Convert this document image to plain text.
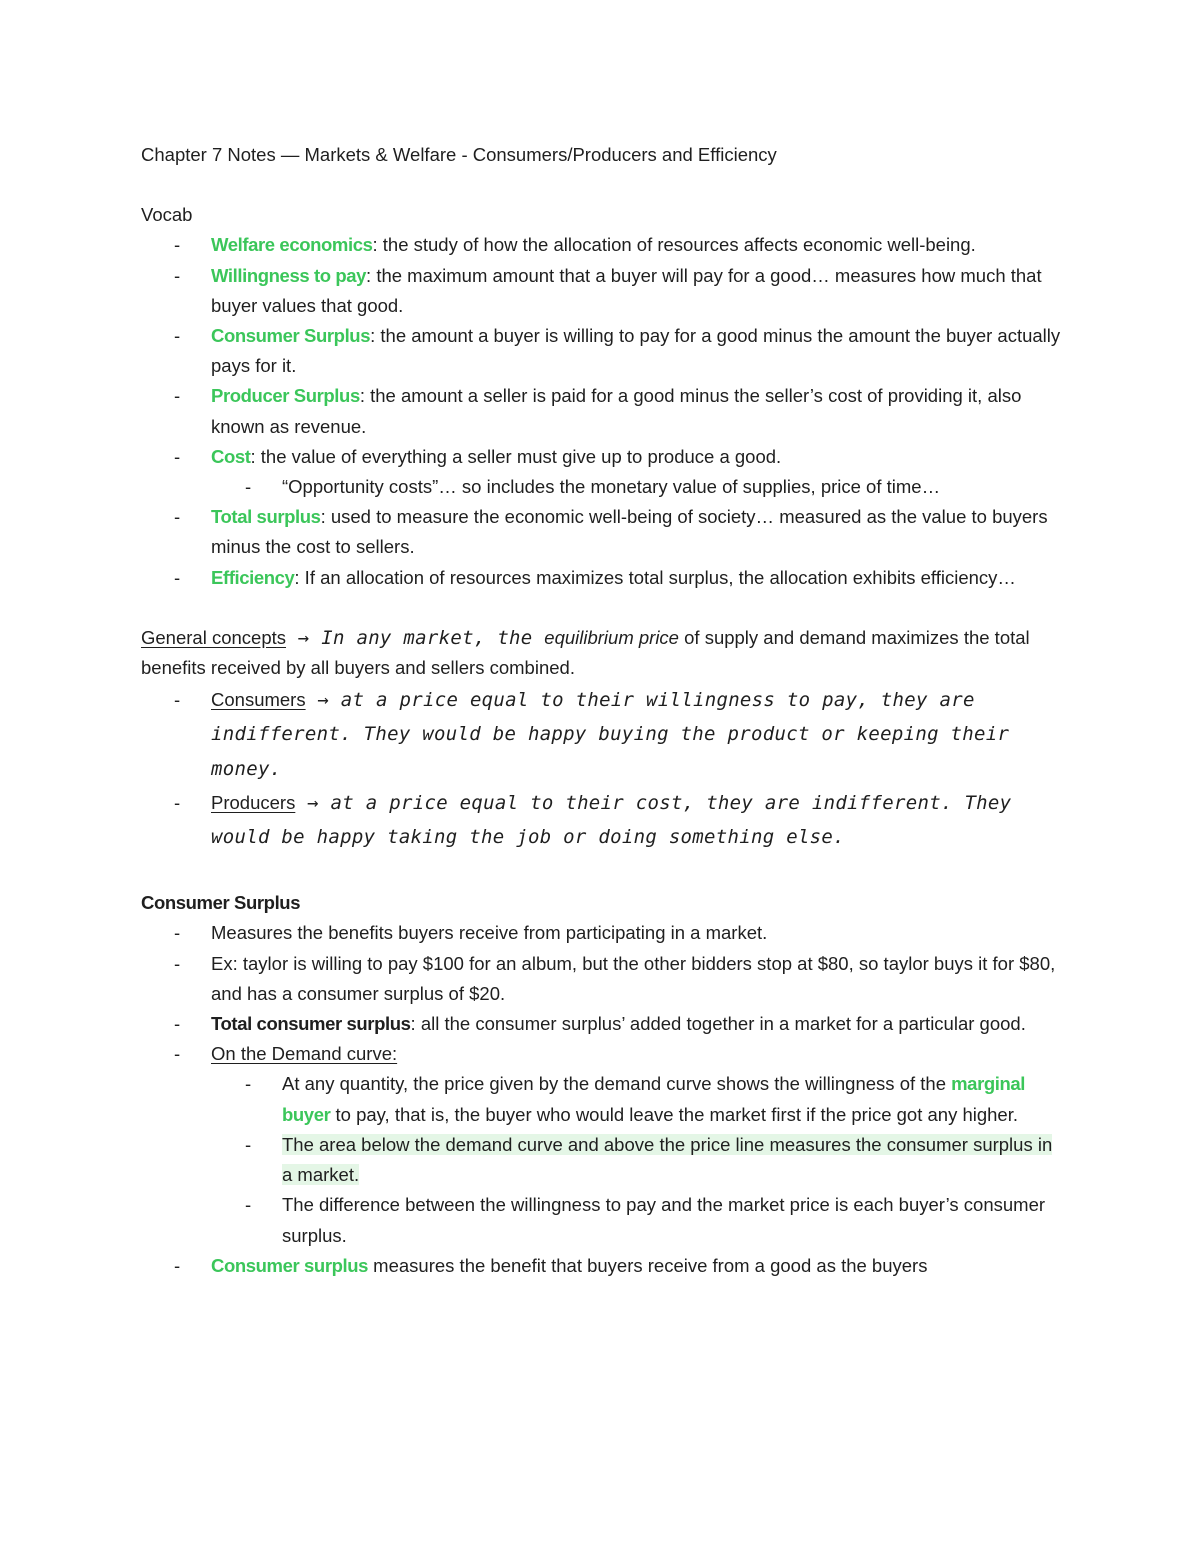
Chapter 7 Notes — Markets & Welfare - Consumers/Producers and Efficiency

Vocab

- Welfare economics: the study of how the allocation of resources affects economic well-being.
- Willingness to pay: the maximum amount that a buyer will pay for a good… measures how much that buyer values that good.
- Consumer Surplus: the amount a buyer is willing to pay for a good minus the amount the buyer actually pays for it.
- Producer Surplus: the amount a seller is paid for a good minus the seller’s cost of providing it, also known as revenue.
- Cost: the value of everything a seller must give up to produce a good.
- “Opportunity costs”… so includes the monetary value of supplies, price of time…
- Total surplus: used to measure the economic well-being of society… measured as the value to buyers minus the cost to sellers.
- Efficiency: If an allocation of resources maximizes total surplus, the allocation exhibits efficiency…

General concepts → In any market, the equilibrium price of supply and demand maximizes the total benefits received by all buyers and sellers combined.

- Consumers → at a price equal to their willingness to pay, they are indifferent. They would be happy buying the product or keeping their money.
- Producers → at a price equal to their cost, they are indifferent. They would be happy taking the job or doing something else.

Consumer Surplus

- Measures the benefits buyers receive from participating in a market.
- Ex: taylor is willing to pay $100 for an album, but the other bidders stop at $80, so taylor buys it for $80, and has a consumer surplus of $20.
- Total consumer surplus: all the consumer surplus’ added together in a market for a particular good.
- On the Demand curve:
- At any quantity, the price given by the demand curve shows the willingness of the marginal buyer to pay, that is, the buyer who would leave the market first if the price got any higher.
- The area below the demand curve and above the price line measures the consumer surplus in a market.
- The difference between the willingness to pay and the market price is each buyer’s consumer surplus.
- Consumer surplus measures the benefit that buyers receive from a good as the buyers
